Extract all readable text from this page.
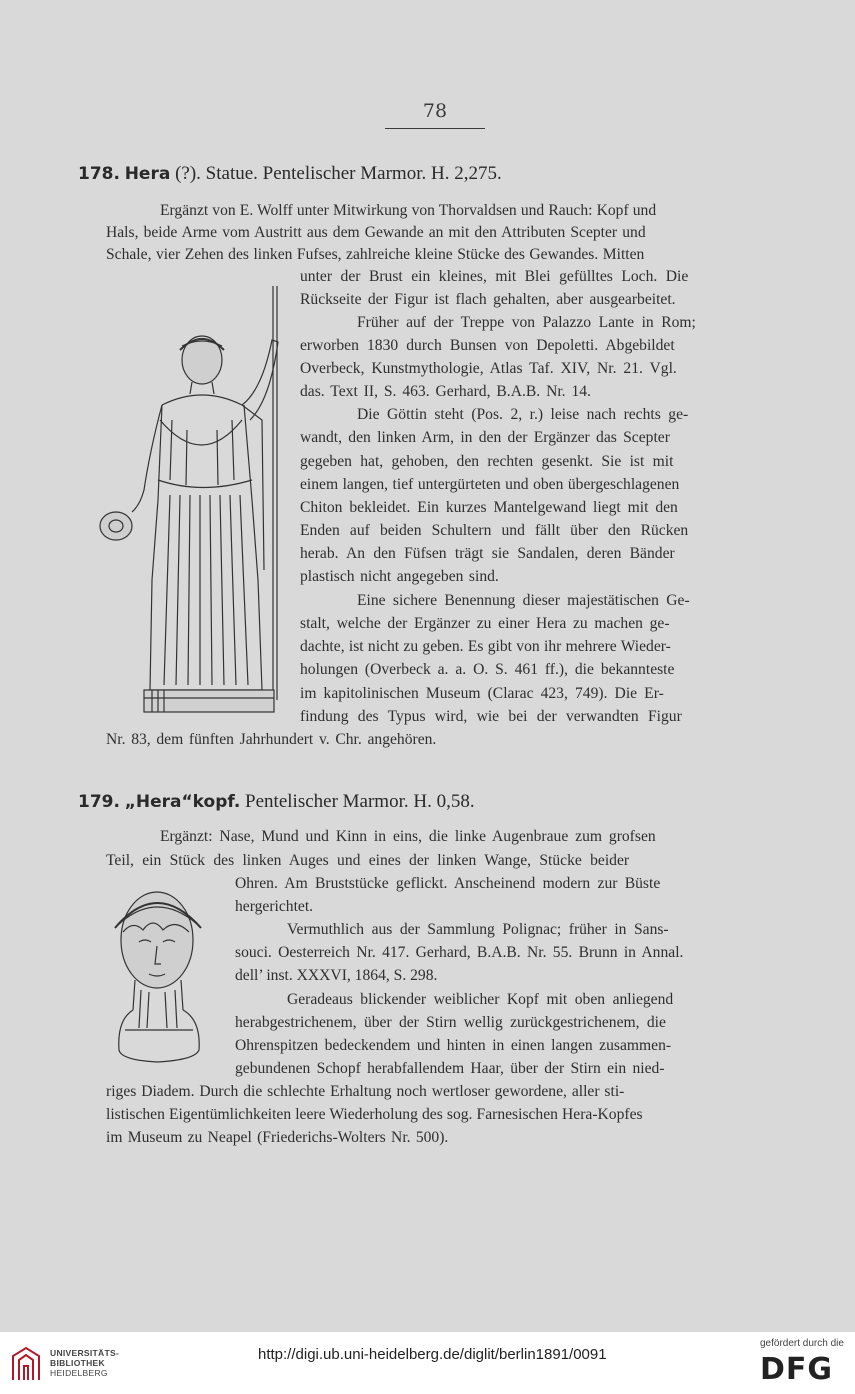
78
178. Hera (?). Statue. Pentelischer Marmor. H. 2,275.
Ergänzt von E. Wolff unter Mitwirkung von Thorvaldsen und Rauch: Kopf und
Hals, beide Arme vom Austritt aus dem Gewande an mit den Attributen Scepter und
Schale, vier Zehen des linken Fufses, zahlreiche kleine Stücke des Gewandes. Mitten
unter der Brust ein kleines, mit Blei gefülltes Loch. Die
Rückseite der Figur ist flach gehalten, aber ausgearbeitet.
Früher auf der Treppe von Palazzo Lante in Rom;
erworben 1830 durch Bunsen von Depoletti. Abgebildet
Overbeck, Kunstmythologie, Atlas Taf. XIV, Nr. 21. Vgl.
das. Text II, S. 463. Gerhard, B.A.B. Nr. 14.
Die Göttin steht (Pos. 2, r.) leise nach rechts ge-
wandt, den linken Arm, in den der Ergänzer das Scepter
gegeben hat, gehoben, den rechten gesenkt. Sie ist mit
einem langen, tief untergürteten und oben übergeschlagenen
Chiton bekleidet. Ein kurzes Mantelgewand liegt mit den
Enden auf beiden Schultern und fällt über den Rücken
herab. An den Füfsen trägt sie Sandalen, deren Bänder
plastisch nicht angegeben sind.
Eine sichere Benennung dieser majestätischen Ge-
stalt, welche der Ergänzer zu einer Hera zu machen ge-
dachte, ist nicht zu geben. Es gibt von ihr mehrere Wieder-
holungen (Overbeck a. a. O. S. 461 ff.), die bekannteste
im kapitolinischen Museum (Clarac 423, 749). Die Er-
findung des Typus wird, wie bei der verwandten Figur
Nr. 83, dem fünften Jahrhundert v. Chr. angehören.
179. „Hera“kopf. Pentelischer Marmor. H. 0,58.
Ergänzt: Nase, Mund und Kinn in eins, die linke Augenbraue zum grofsen
Teil, ein Stück des linken Auges und eines der linken Wange, Stücke beider
Ohren. Am Bruststücke geflickt. Anscheinend modern zur Büste
hergerichtet.
Vermuthlich aus der Sammlung Polignac; früher in Sans-
souci. Oesterreich Nr. 417. Gerhard, B.A.B. Nr. 55. Brunn in Annal.
dell’ inst. XXXVI, 1864, S. 298.
Geradeaus blickender weiblicher Kopf mit oben anliegend
herabgestrichenem, über der Stirn wellig zurückgestrichenem, die
Ohrenspitzen bedeckendem und hinten in einen langen zusammen-
gebundenen Schopf herabfallendem Haar, über der Stirn ein nied-
riges Diadem. Durch die schlechte Erhaltung noch wertloser gewordene, aller sti-
listischen Eigentümlichkeiten leere Wiederholung des sog. Farnesischen Hera-Kopfes
im Museum zu Neapel (Friederichs-Wolters Nr. 500).
UNIVERSITÄTS-
BIBLIOTHEK
HEIDELBERG
http://digi.ub.uni-heidelberg.de/diglit/berlin1891/0091
gefördert durch die
DFG
